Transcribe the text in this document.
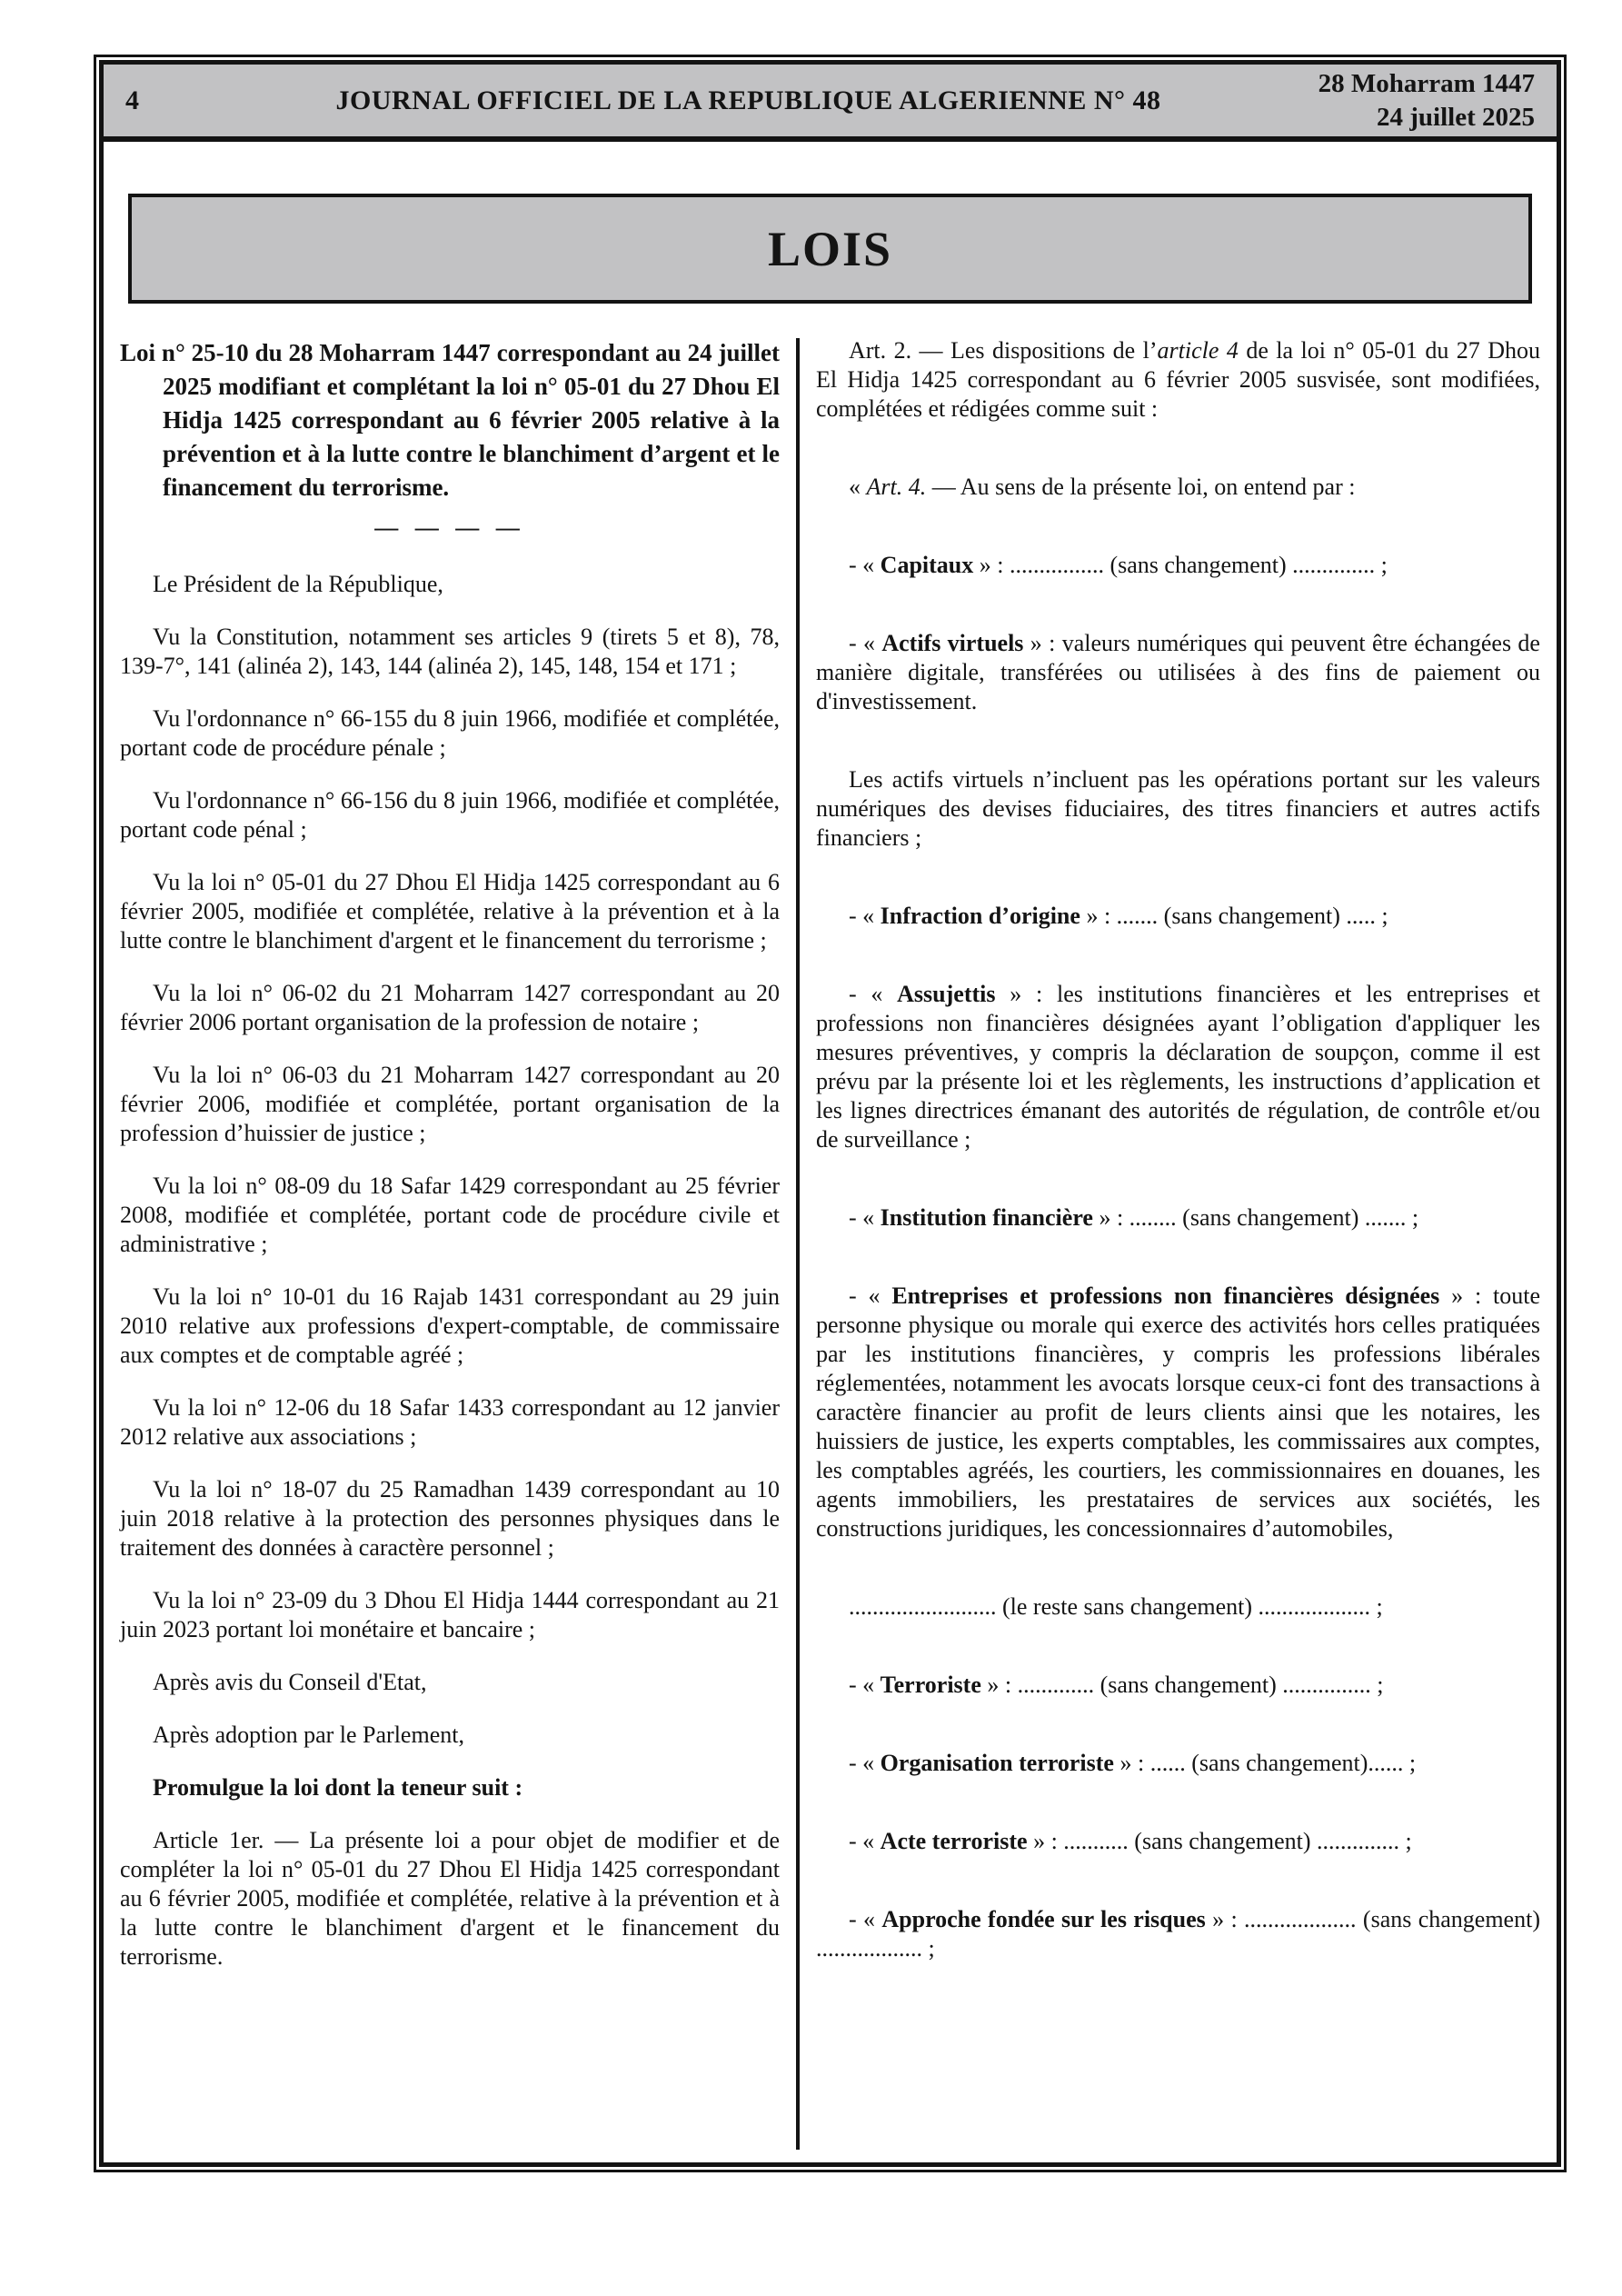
4	JOURNAL OFFICIEL DE LA REPUBLIQUE ALGERIENNE N° 48
28 Moharram 1447
24 juillet 2025
LOIS

Loi n° 25-10 du 28 Moharram 1447 correspondant au 24 juillet 2025 modifiant et complétant la loi n° 05-01 du 27 Dhou El Hidja 1425 correspondant au 6 février 2005 relative à la prévention et à la lutte contre le blanchiment d’argent et le financement du terrorisme.

— — — —

Le Président de la République,

Vu la Constitution, notamment ses articles 9 (tirets 5 et 8), 78, 139-7°, 141 (alinéa 2), 143, 144 (alinéa 2), 145, 148, 154 et 171 ;

Vu l'ordonnance n° 66-155 du 8 juin 1966, modifiée et complétée, portant code de procédure pénale ;

Vu l'ordonnance n° 66-156 du 8 juin 1966, modifiée et complétée, portant code pénal ;

Vu la loi n° 05-01 du 27 Dhou El Hidja 1425 correspondant au 6 février 2005, modifiée et complétée, relative à la prévention et à la lutte contre le blanchiment d'argent et le financement du terrorisme ;

Vu la loi n° 06-02 du 21 Moharram 1427 correspondant au 20 février 2006 portant organisation de la profession de notaire ;

Vu la loi n° 06-03 du 21 Moharram 1427 correspondant au 20 février 2006, modifiée et complétée, portant organisation de la profession d’huissier de justice ;

Vu la loi n° 08-09 du 18 Safar 1429 correspondant au 25 février 2008, modifiée et complétée, portant code de procédure civile et administrative ;

Vu la loi n° 10-01 du 16 Rajab 1431 correspondant au 29 juin 2010 relative aux professions d'expert-comptable, de commissaire aux comptes et de comptable agréé ;

Vu la loi n° 12-06 du 18 Safar 1433 correspondant au 12 janvier 2012 relative aux associations ;

Vu la loi n° 18-07 du 25 Ramadhan 1439 correspondant au 10 juin 2018 relative à la protection des personnes physiques dans le traitement des données à caractère personnel ;

Vu la loi n° 23-09 du 3 Dhou El Hidja 1444 correspondant au 21 juin 2023 portant loi monétaire et bancaire ;

Après avis du Conseil d'Etat,

Après adoption par le Parlement,

Promulgue la loi dont la teneur suit :

Article 1er. — La présente loi a pour objet de modifier et de compléter la loi n° 05-01 du 27 Dhou El Hidja 1425 correspondant au 6 février 2005, modifiée et complétée, relative à la prévention et à la lutte contre le blanchiment d'argent et le financement du terrorisme.

Art. 2. — Les dispositions de l’article 4 de la loi n° 05-01 du 27 Dhou El Hidja 1425 correspondant au 6 février 2005 susvisée, sont modifiées, complétées et rédigées comme suit :

« Art. 4. — Au sens de la présente loi, on entend par :

- « Capitaux » : ................ (sans changement) .............. ;

- « Actifs virtuels » : valeurs numériques qui peuvent être échangées de manière digitale, transférées ou utilisées à des fins de paiement ou d'investissement.

Les actifs virtuels n’incluent pas les opérations portant sur les valeurs numériques des devises fiduciaires, des titres financiers et autres actifs financiers ;

- « Infraction d’origine » : ....... (sans changement) ..... ;

- « Assujettis » : les institutions financières et les entreprises et professions non financières désignées ayant l’obligation d'appliquer les mesures préventives, y compris la déclaration de soupçon, comme il est prévu par la présente loi et les règlements, les instructions d’application et les lignes directrices émanant des autorités de régulation, de contrôle et/ou de surveillance ;

- « Institution financière » : ........ (sans changement) ....... ;

- « Entreprises et professions non financières désignées » : toute personne physique ou morale qui exerce des activités hors celles pratiquées par les institutions financières, y compris les professions libérales réglementées, notamment les avocats lorsque ceux-ci font des transactions à caractère financier au profit de leurs clients ainsi que les notaires, les huissiers de justice, les experts comptables, les commissaires aux comptes, les comptables agréés, les courtiers, les commissionnaires en douanes, les agents immobiliers, les prestataires de services aux sociétés, les constructions juridiques, les concessionnaires d’automobiles,

......................... (le reste sans changement) ................... ;

- « Terroriste » : ............. (sans changement) ............... ;

- « Organisation terroriste » : ...... (sans changement)...... ;

- « Acte terroriste » : ........... (sans changement) .............. ;

- « Approche fondée sur les risques » : ................... (sans changement) .................. ;
